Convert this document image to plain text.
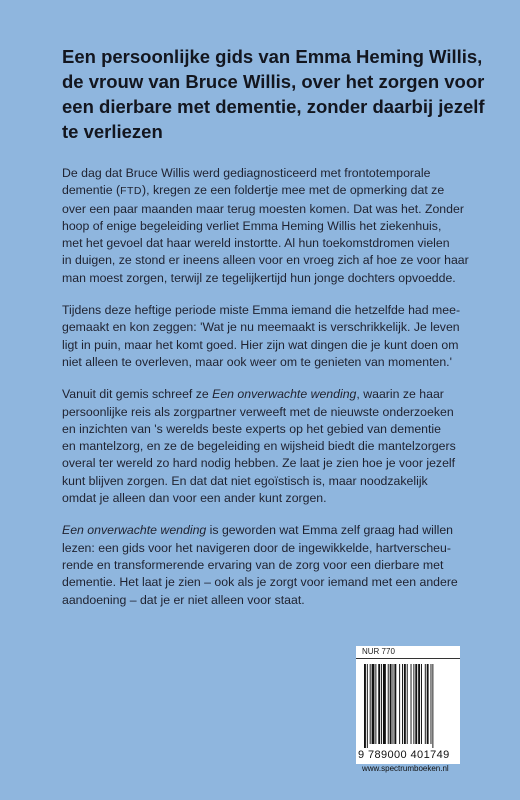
Een persoonlijke gids van Emma Heming Willis,
de vrouw van Bruce Willis, over het zorgen voor
een dierbare met dementie, zonder daarbij jezelf
te verliezen

De dag dat Bruce Willis werd gediagnosticeerd met frontotemporale
dementie (FTD), kregen ze een foldertje mee met de opmerking dat ze
over een paar maanden maar terug moesten komen. Dat was het. Zonder
hoop of enige begeleiding verliet Emma Heming Willis het ziekenhuis,
met het gevoel dat haar wereld instortte. Al hun toekomstdromen vielen
in duigen, ze stond er ineens alleen voor en vroeg zich af hoe ze voor haar
man moest zorgen, terwijl ze tegelijkertijd hun jonge dochters opvoedde.

Tijdens deze heftige periode miste Emma iemand die hetzelfde had mee-
gemaakt en kon zeggen: 'Wat je nu meemaakt is verschrikkelijk. Je leven
ligt in puin, maar het komt goed. Hier zijn wat dingen die je kunt doen om
niet alleen te overleven, maar ook weer om te genieten van momenten.'

Vanuit dit gemis schreef ze Een onverwachte wending, waarin ze haar
persoonlijke reis als zorgpartner verweeft met de nieuwste onderzoeken
en inzichten van 's werelds beste experts op het gebied van dementie
en mantelzorg, en ze de begeleiding en wijsheid biedt die mantelzorgers
overal ter wereld zo hard nodig hebben. Ze laat je zien hoe je voor jezelf
kunt blijven zorgen. En dat dat niet egoïstisch is, maar noodzakelijk
omdat je alleen dan voor een ander kunt zorgen.

Een onverwachte wending is geworden wat Emma zelf graag had willen
lezen: een gids voor het navigeren door de ingewikkelde, hartverscheu-
rende en transformerende ervaring van de zorg voor een dierbare met
dementie. Het laat je zien – ook als je zorgt voor iemand met een andere
aandoening – dat je er niet alleen voor staat.

NUR 770
9 789000 401749
www.spectrumboeken.nl
